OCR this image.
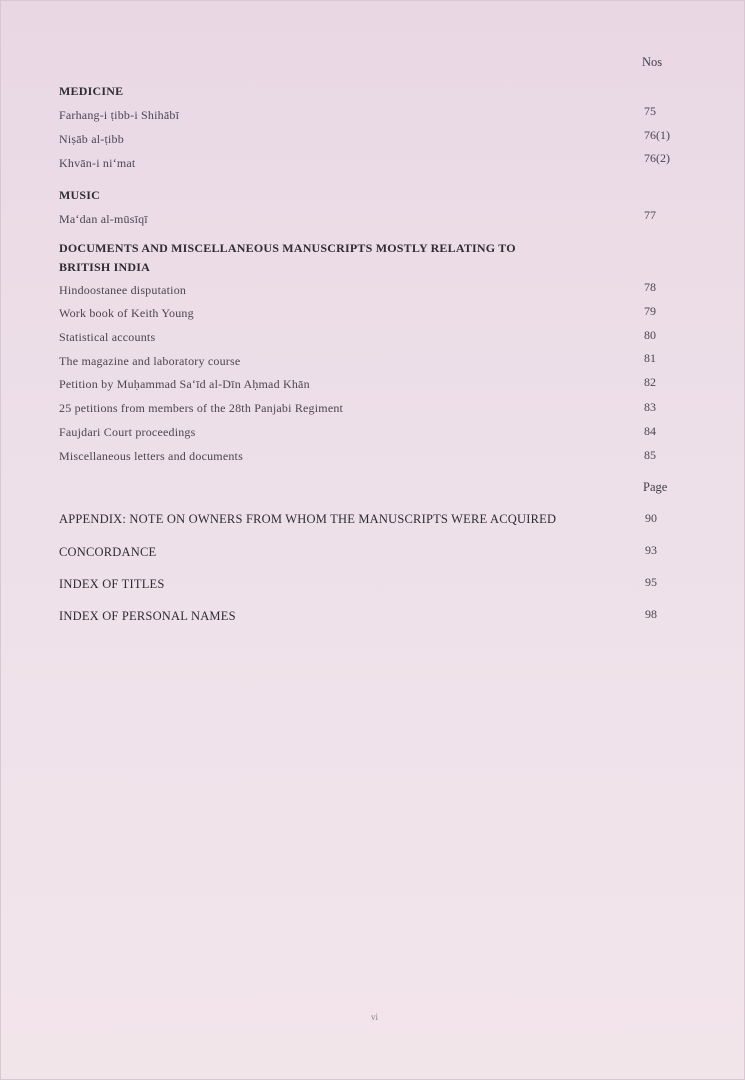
Nos
MEDICINE
Farhang-i ṭibb-i Shihābī	75
Niṣāb al-ṭibb	76(1)
Khvān-i ni‘mat	76(2)
MUSIC
Ma‘dan al-mūsīqī	77
DOCUMENTS AND MISCELLANEOUS MANUSCRIPTS MOSTLY RELATING TO
BRITISH INDIA
Hindoostanee disputation	78
Work book of Keith Young	79
Statistical accounts	80
The magazine and laboratory course	81
Petition by Muḥammad Sa‘īd al-Dīn Aḥmad Khān	82
25 petitions from members of the 28th Panjabi Regiment	83
Faujdari Court proceedings	84
Miscellaneous letters and documents	85
Page
APPENDIX: NOTE ON OWNERS FROM WHOM THE MANUSCRIPTS WERE ACQUIRED	90
CONCORDANCE	93
INDEX OF TITLES	95
INDEX OF PERSONAL NAMES	98
vi
